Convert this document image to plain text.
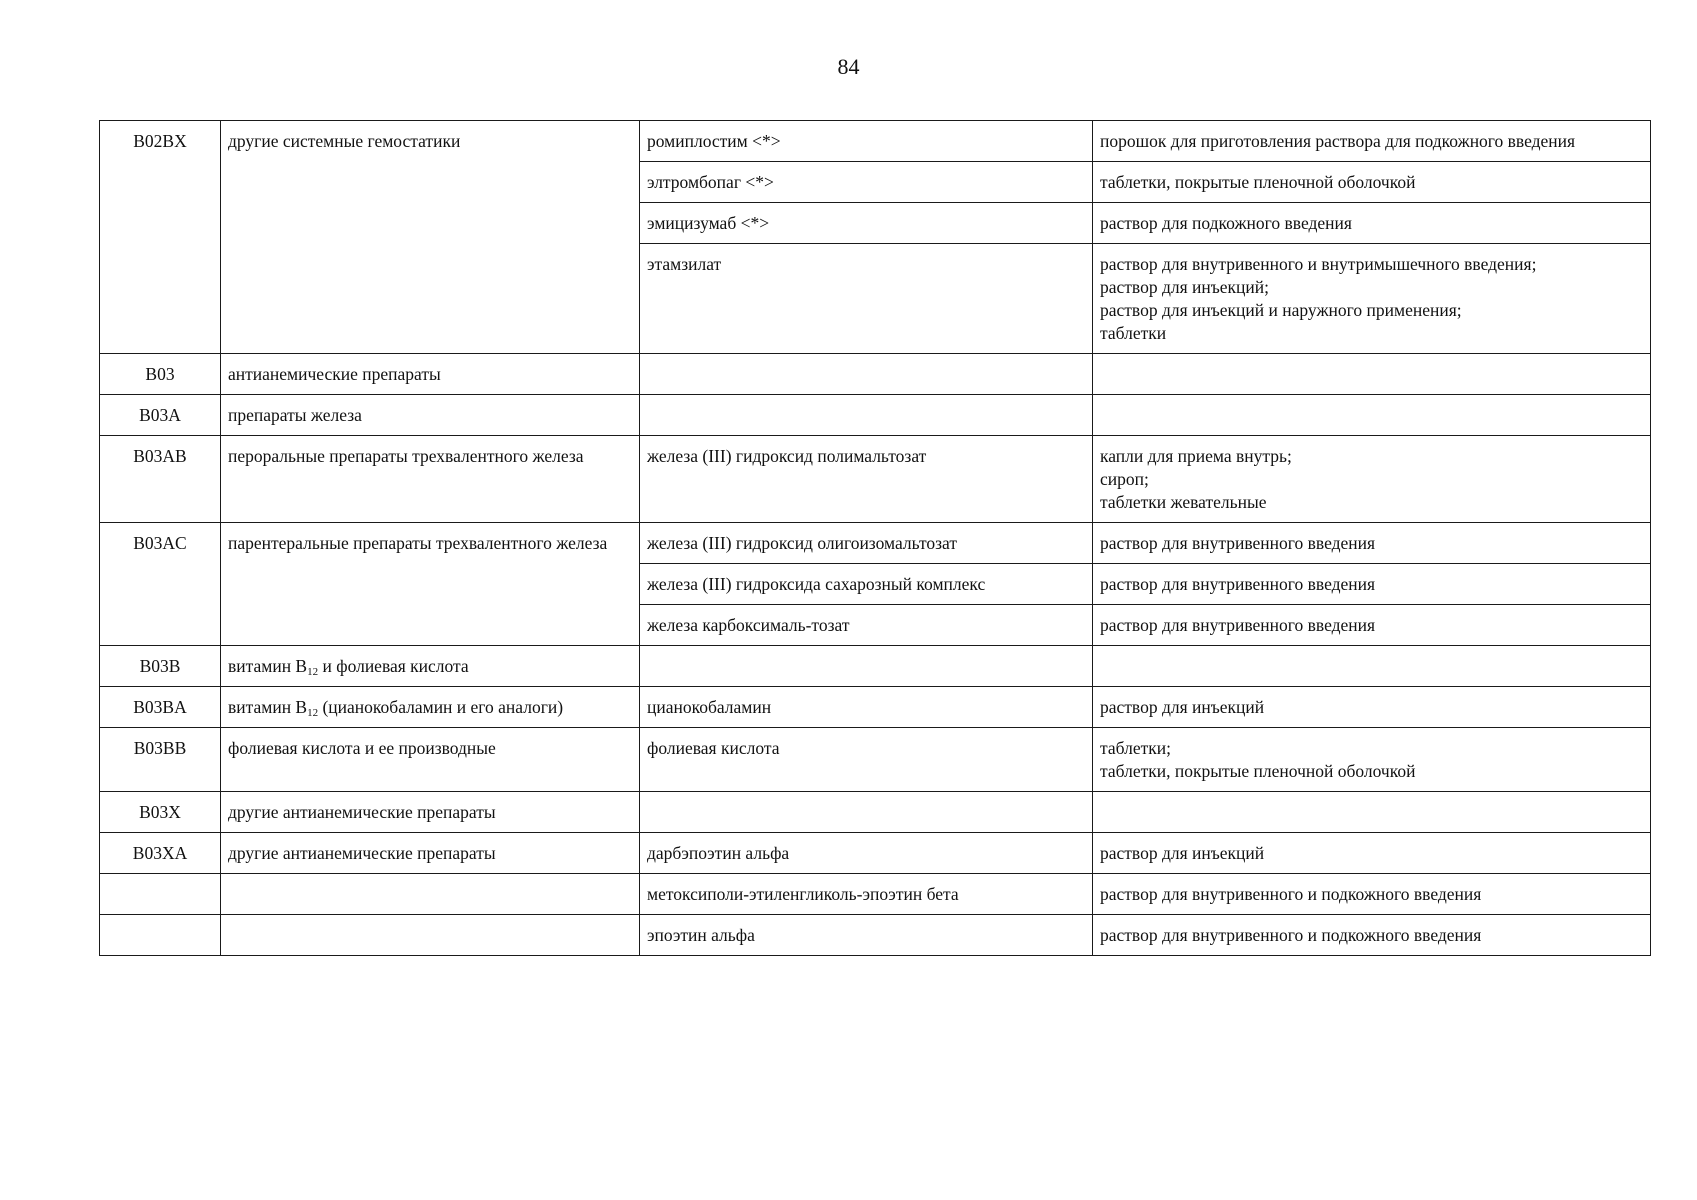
84
B02BX	другие системные гемостатики	ромиплостим <*>	порошок для приготовления раствора для подкожного введения
		элтромбопаг <*>	таблетки, покрытые пленочной оболочкой
		эмицизумаб <*>	раствор для подкожного введения
		этамзилат	раствор для внутривенного и внутримышечного введения;
раствор для инъекций;
раствор для инъекций и наружного применения;
таблетки
B03	антианемические препараты		
B03A	препараты железа		
B03AB	пероральные препараты трехвалентного железа	железа (III) гидроксид полимальтозат	капли для приема внутрь;
сироп;
таблетки жевательные
B03AC	парентеральные препараты трехвалентного железа	железа (III) гидроксид олигоизомальтозат	раствор для внутривенного введения
		железа (III) гидроксида сахарозный комплекс	раствор для внутривенного введения
		железа карбоксималь-тозат	раствор для внутривенного введения
B03B	витамин $B_{12}$ и фолиевая кислота		
B03BA	витамин $B_{12}$ (цианокобаламин и его аналоги)	цианокобаламин	раствор для инъекций
B03BB	фолиевая кислота и ее производные	фолиевая кислота	таблетки;
таблетки, покрытые пленочной оболочкой
B03X	другие антианемические препараты		
B03XA	другие антианемические препараты	дарбэпоэтин альфа	раствор для инъекций
		метоксиполи-этиленгликоль-эпоэтин бета	раствор для внутривенного и подкожного введения
		эпоэтин альфа	раствор для внутривенного и подкожного введения
